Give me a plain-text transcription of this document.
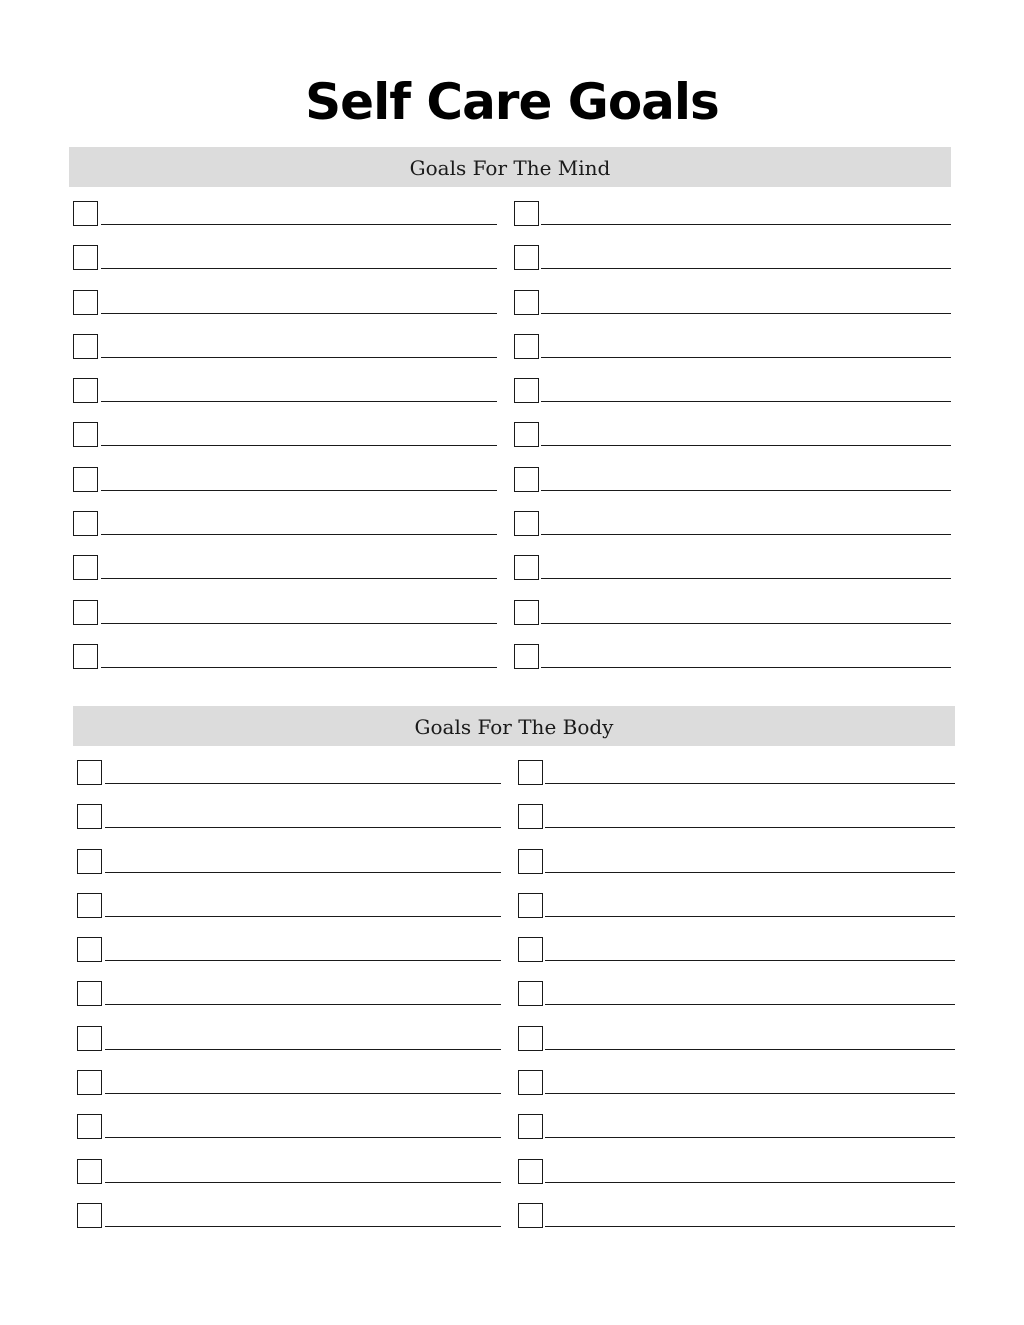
Self Care Goals
Goals For The Mind
Goals For The Body
